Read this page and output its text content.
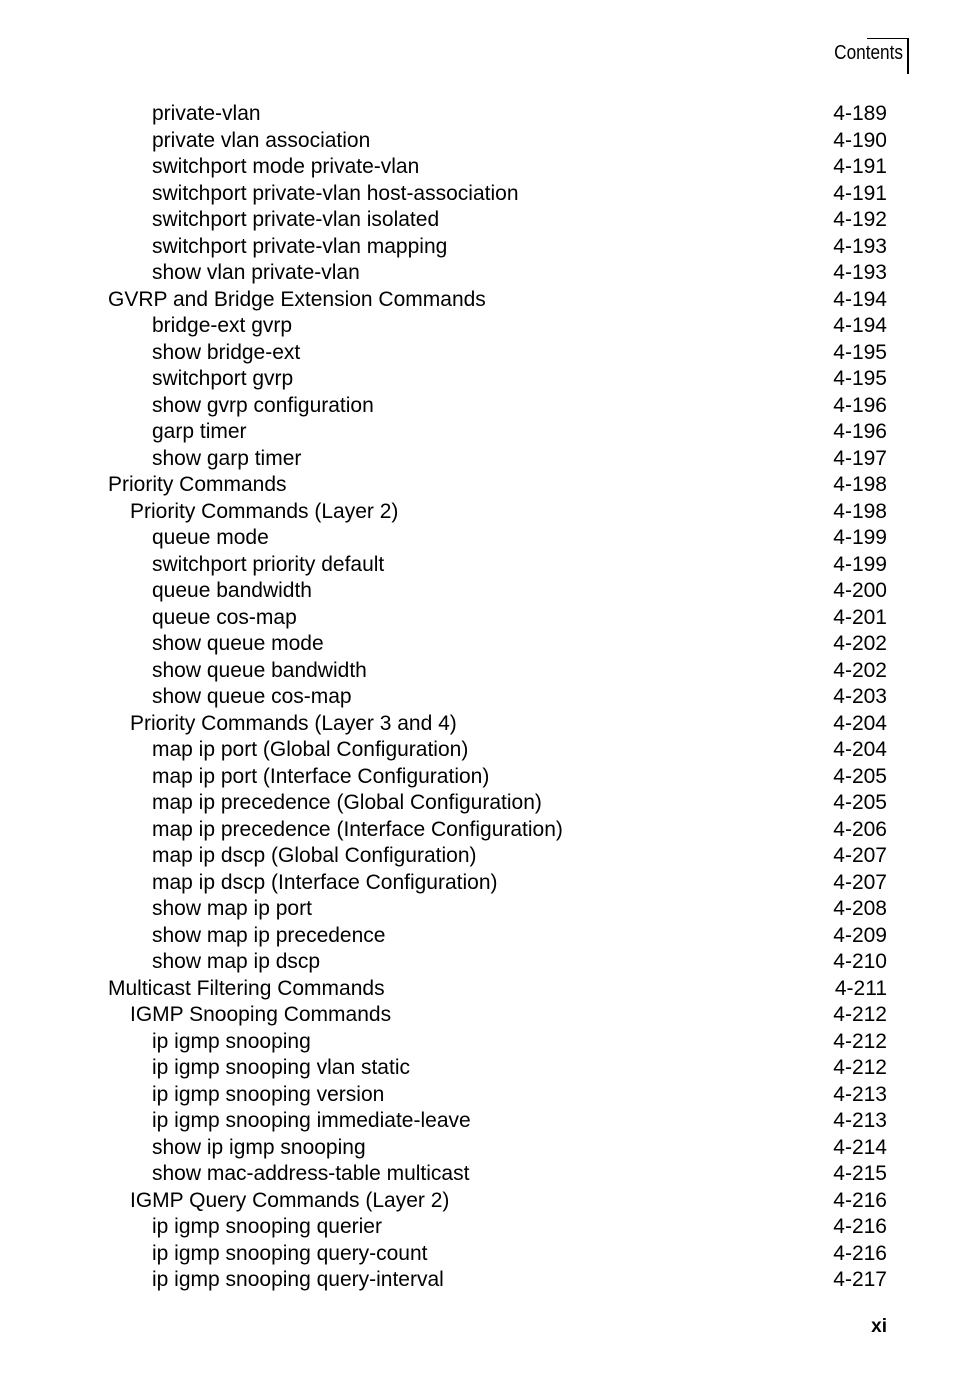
Contents
private-vlan	4-189
private vlan association	4-190
switchport mode private-vlan	4-191
switchport private-vlan host-association	4-191
switchport private-vlan isolated	4-192
switchport private-vlan mapping	4-193
show vlan private-vlan	4-193
GVRP and Bridge Extension Commands	4-194
bridge-ext gvrp	4-194
show bridge-ext	4-195
switchport gvrp	4-195
show gvrp configuration	4-196
garp timer	4-196
show garp timer	4-197
Priority Commands	4-198
Priority Commands (Layer 2)	4-198
queue mode	4-199
switchport priority default	4-199
queue bandwidth	4-200
queue cos-map	4-201
show queue mode	4-202
show queue bandwidth	4-202
show queue cos-map	4-203
Priority Commands (Layer 3 and 4)	4-204
map ip port (Global Configuration)	4-204
map ip port (Interface Configuration)	4-205
map ip precedence (Global Configuration)	4-205
map ip precedence (Interface Configuration)	4-206
map ip dscp (Global Configuration)	4-207
map ip dscp (Interface Configuration)	4-207
show map ip port	4-208
show map ip precedence	4-209
show map ip dscp	4-210
Multicast Filtering Commands	4-211
IGMP Snooping Commands	4-212
ip igmp snooping	4-212
ip igmp snooping vlan static	4-212
ip igmp snooping version	4-213
ip igmp snooping immediate-leave	4-213
show ip igmp snooping	4-214
show mac-address-table multicast	4-215
IGMP Query Commands (Layer 2)	4-216
ip igmp snooping querier	4-216
ip igmp snooping query-count	4-216
ip igmp snooping query-interval	4-217
xi
